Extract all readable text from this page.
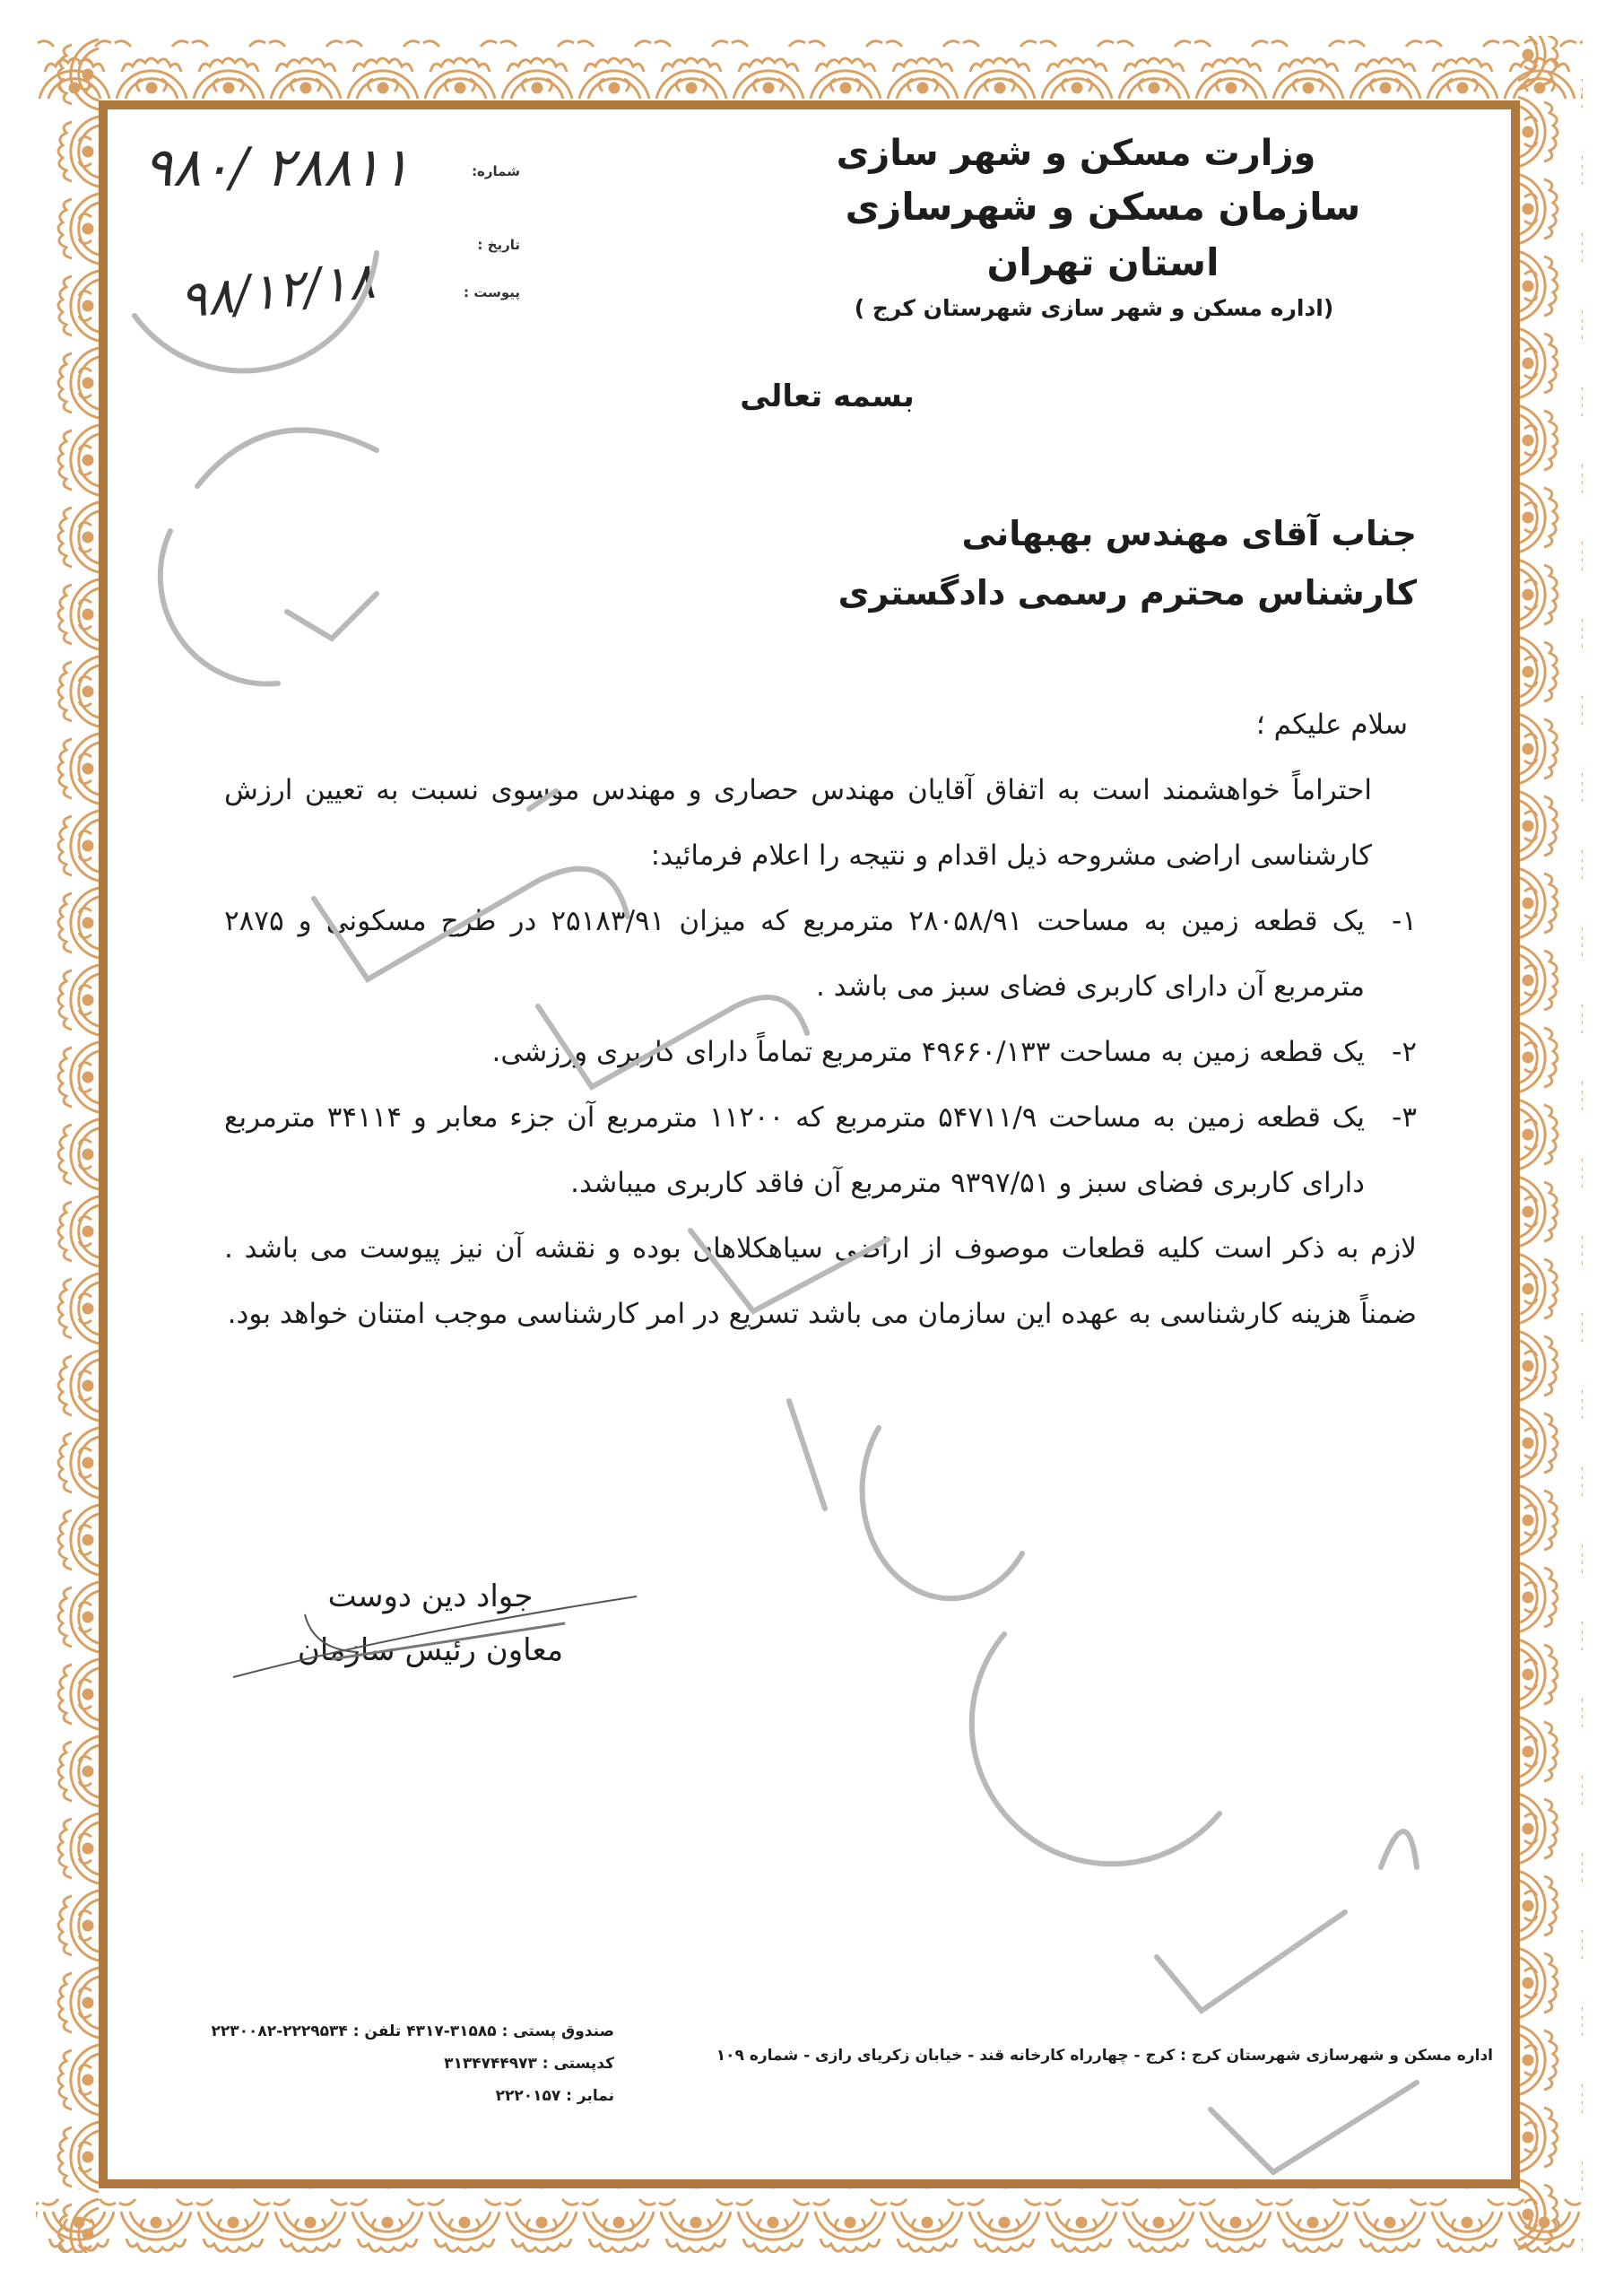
وزارت مسکن و شهر سازی
سازمان مسکن و شهرسازی استان تهران
(اداره مسکن و شهر سازی شهرستان کرج )
شماره:
تاریخ :
پیوست :
۹۸۰/ ۲۸۸۱۱
۹۸/۱۲/۱۸
بسمه تعالی
جناب آقای مهندس بهبهانی
کارشناس محترم رسمی دادگستری

سلام علیکم ؛

احتراماً خواهشمند است به اتفاق آقایان مهندس حصاری و مهندس موسوی نسبت به تعیین ارزش کارشناسی اراضی مشروحه ذیل اقدام و نتیجه را اعلام فرمائید:

۱-
یک قطعه زمین به مساحت ۲۸۰۵۸/۹۱ مترمربع که میزان ۲۵۱۸۳/۹۱ در طرح مسکونی و ۲۸۷۵ مترمربع آن دارای کاربری فضای سبز می باشد .
۲-
یک قطعه زمین به مساحت ۴۹۶۶۰/۱۳۳ مترمربع تماماً دارای کاربری ورزشی.
۳-
یک قطعه زمین به مساحت ۵۴۷۱۱/۹ مترمربع که ۱۱۲۰۰ مترمربع آن جزء معابر و ۳۴۱۱۴ مترمربع دارای کاربری فضای سبز و ۹۳۹۷/۵۱ مترمربع آن فاقد کاربری میباشد.

لازم به ذکر است کلیه قطعات موصوف از اراضی سیاهکلاهان بوده و نقشه آن نیز پیوست می باشد . ضمناً هزینه کارشناسی به عهده این سازمان می باشد تسریع در امر کارشناسی موجب امتنان خواهد بود.

جواد دین دوست
معاون رئیس سازمان
صندوق پستی : ۳۱۵۸۵-۴۳۱۷ تلفن : ۲۲۲۹۵۳۴-۲۲۳۰۰۸۲
کدپستی : ۳۱۳۴۷۴۴۹۷۳
نمابر : ۲۲۲۰۱۵۷
اداره مسکن و شهرسازی شهرستان کرج : کرج - چهارراه کارخانه قند - خیابان زکریای رازی - شماره ۱۰۹
